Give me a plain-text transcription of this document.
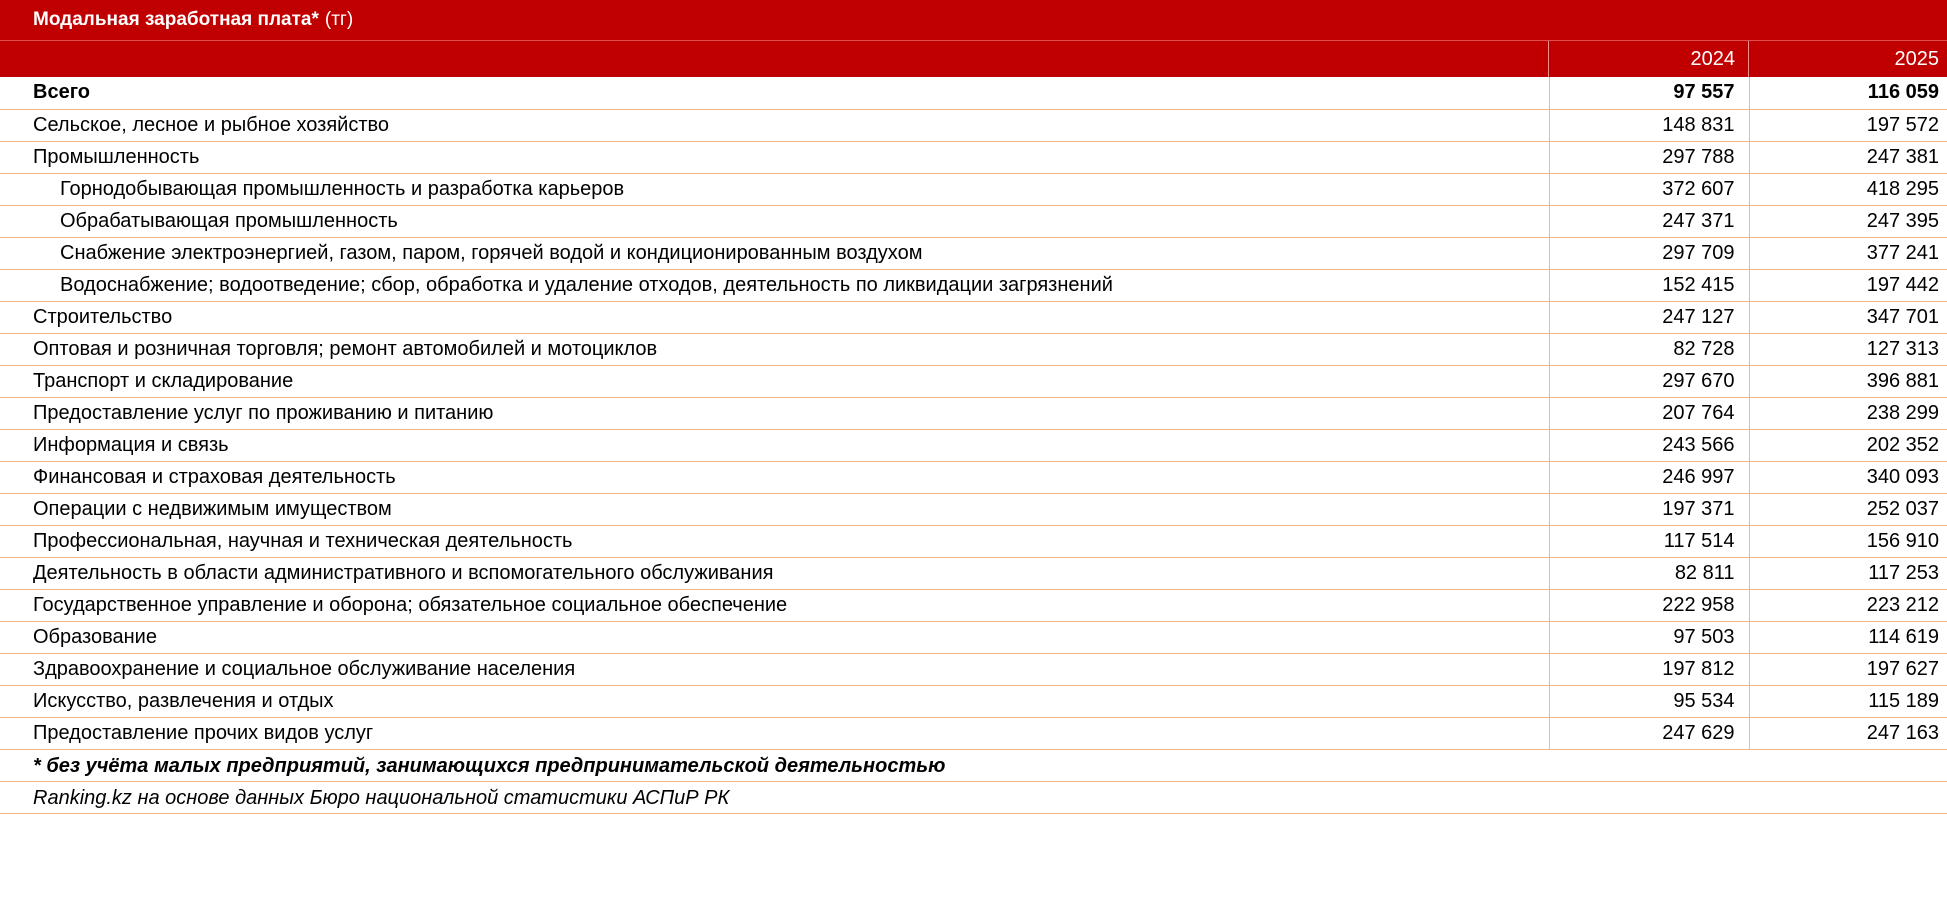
Модальная заработная плата* (тг)
2024	2025
Всего	97 557	116 059
Сельское, лесное и рыбное хозяйство	148 831	197 572
Промышленность	297 788	247 381
Горнодобывающая промышленность и разработка карьеров	372 607	418 295
Обрабатывающая промышленность	247 371	247 395
Снабжение электроэнергией, газом, паром, горячей водой и кондиционированным воздухом	297 709	377 241
Водоснабжение; водоотведение; сбор, обработка и удаление отходов, деятельность по ликвидации загрязнений	152 415	197 442
Строительство	247 127	347 701
Оптовая и розничная торговля; ремонт автомобилей и мотоциклов	82 728	127 313
Транспорт и складирование	297 670	396 881
Предоставление услуг по проживанию и питанию	207 764	238 299
Информация и связь	243 566	202 352
Финансовая и страховая деятельность	246 997	340 093
Операции с недвижимым имуществом	197 371	252 037
Профессиональная, научная и техническая деятельность	117 514	156 910
Деятельность в области административного и вспомогательного обслуживания	82 811	117 253
Государственное управление и оборона; обязательное социальное обеспечение	222 958	223 212
Образование	97 503	114 619
Здравоохранение и социальное обслуживание населения	197 812	197 627
Искусство, развлечения и отдых	95 534	115 189
Предоставление прочих видов услуг	247 629	247 163
* без учёта малых предприятий, занимающихся предпринимательской деятельностью
Ranking.kz на основе данных Бюро национальной статистики АСПиР РК
